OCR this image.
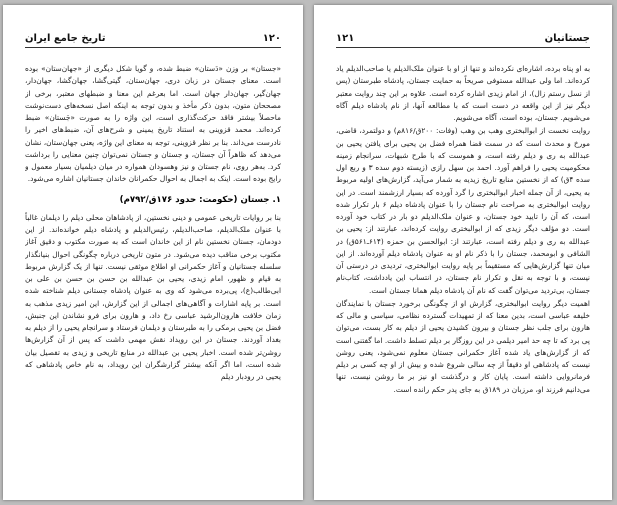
۱۲۰
تاریخ جامع ایران

«جستان» بر وزن «دَستان» ضبط شده، و گویا شکل دیگری از «جهان‌ستان» بوده است. معنای جستان در زبان دری، جهان‌ستان، گیتی‌گشا، جهان‌گشا، جهان‌دار، جهان‌گیر، جهان‌دار جهان است. اما بعرغم این معنا و ضبطهای معتبر، برخی از مصححان متون، بدون ذکر مأخذ و بدون توجه به اینکه اصل نسخه‌های دست‌نوشت ماحصلاً بیشتر فاقد حرکت‌گذاری است، این واژه را به صورت «جَستان» ضبط کرده‌اند. محمد قزوینی به استناد تاریخ یمینی و شرح‌های آن، ضبط‌های اخیر را نادرست می‌داند. بنا بر نظر قزوینی، توجه به معنای این واژه، یعنی جهان‌ستان، نشان می‌دهد که ظاهراً آن جستان، و جستان و جستان نمی‌توان چنین معنایی را برداشت کرد. به‌هر روی، نام جستان و نیز وهسودان همواره در میان دیلمیان بسیار معمول و رایج بوده است. اینک به اجمال به احوال حکمرانان خاندان جستانیان اشاره می‌شود.

۱. جستان (حکومت: حدود ۱۷۶ق/۷۹۲م)

بنا بر روایات تاریخی عمومی و دینی نخستین، از پادشاهان محلی دیلم را دیلمان غالباً با عنوان ملک‌الدیلم، صاحب‌الدیلم، رئیس‌الدیلم و پادشاه دیلم خوانده‌اند. از این دودمان، جستان نخستین نام از این خاندان است که به صورت مکتوب و دقیق آغاز مکتوب برخی مناقب دیده می‌شود. در متون تاریخی درباره چگونگی احوال بنیانگذار سلسله جستانیان و آغاز حکمرانی او اطلاع موثقی نیست. تنها از یک گزارش مربوط به قیام و ظهور، امام زیدی، یحیی بن عبدالله بن حسن بن حسن بن علی بن ابی‌طالب(ع)، پی‌برده می‌شود که وی به عنوان پادشاه جستانی دیلم شناخته شده است. بر پایه اشارات و آگاهی‌های اجمالی از این گزارش، این امیر زیدی مذهب به زمان خلافت هارون‌الرشید عباسی رخ داد، و هارون برای فرو نشاندن این جنبش، فضل بن یحیی برمکی را به طبرستان و دیلمان فرستاد و سرانجام یحیی را از دیلم به بغداد آوردند. جستان در این رویداد نقش مهمی داشت که پس از آن گزارش‌ها روشن‌تر شده است. اخبار یحیی بن عبدالله در منابع تاریخی و زیدی به تفصیل بیان شده است، اما اگر آنکه بیشتر گزارشگران این رویداد، به نام خاص پادشاهی که یحیی در رودبار دیلم

۱۲۱	جستانیان

به او پناه برده، اشاره‌ای نکرده‌اند و تنها از او با عنوان ملک‌الدیلم یا صاحب‌الدیلم یاد کرده‌اند. اما ولی عبدالله مستوفی صریحاً به حمایت جستان، پادشاه طبرستان (پس از نسل رستم زال)، از امام زیدی اشاره کرده است. علاوه بر این چند روایت معتبر دیگر نیز از این واقعه در دست است که با مطالعه آنها، از نام پادشاه دیلم آگاه می‌شویم. جستان، بوده است، آگاه می‌شویم.

روایت نخست از ابوالبختری وهب بن وهب (وفات: ۲۰۰ق/۸۱۶م) و دولتمرد، قاضی، مورخ و محدث است که در سمت قضا همراه فضل بن یحیی برای یافتن یحیی بن عبدالله به ری و دیلم رفته است، و هموست که با طرح شبهات، سرانجام زمینه محکومیت یحیی را فراهم آورد. احمد بن سهل رازی (زیسته دوم سده ۳ و ربع اول سده ۴ق) که از نخستین منابع تاریخ زیدیه به شمار می‌آید، گزارش‌های اولیه مربوط به یحیی، از آن جمله اخبار ابوالبختری را گرد آورده که بسیار ارزشمند است. در این روایت ابوالبختری به صراحت نام جستان را با عنوان پادشاه دیلم ۶ بار تکرار شده است، که آن را تایید خود جستان، و عنوان ملک‌الدیلم دو بار در کتاب خود آورده است. دو مؤلف دیگر زیدی که از ابوالبختری روایت کرده‌اند، عبارتند از: یحیی بن عبدالله به ری و دیلم رفته است، عبارتند از: ابوالحسن بن حمزه (۶۱۴ـ۵۶۱ق) در الشافی و ابومحمد، جستان را با ذکر نام او به عنوان پادشاه دیلم آورده‌اند. از این میان تنها گزارش‌هایی که مستقیماً بر پایه روایت ابوالبختری، تردیدی در درستی آن نیست، و با توجه به نقل و تکرار نام جستان، در انتساب این یادداشت، کتاب‌نام جستان، بی‌تردید می‌توان گفت که نام آن پادشاه دیلم همانا جستان است.

اهمیت دیگر روایت ابوالبختری، گزارش او از چگونگی برخورد جستان با نمایندگان خلیفه عباسی است، بدین معنا که از تمهیدات گسترده نظامی، سیاسی و مالی که هارون برای جلب نظر جستان و بیرون کشیدن یحیی از دیلم به کار بست، می‌توان پی برد که تا چه حد امیر دیلمی در این روزگار بر دیلم تسلط داشت. اما گفتنی است که از گزارش‌های یاد شده آغاز حکمرانی جستان معلوم نمی‌شود، یعنی روشن نیست که پادشاهی او دقیقاً از چه سالی شروع شده و بیش از او چه کسی بر دیلم فرمانروایی داشته است. پایان کار و درگذشت او نیز بر ما روشن نیست، تنها می‌دانیم فرزند او، مرزبان در ۱۸۹ق به جای پدر حکم رانده است.
